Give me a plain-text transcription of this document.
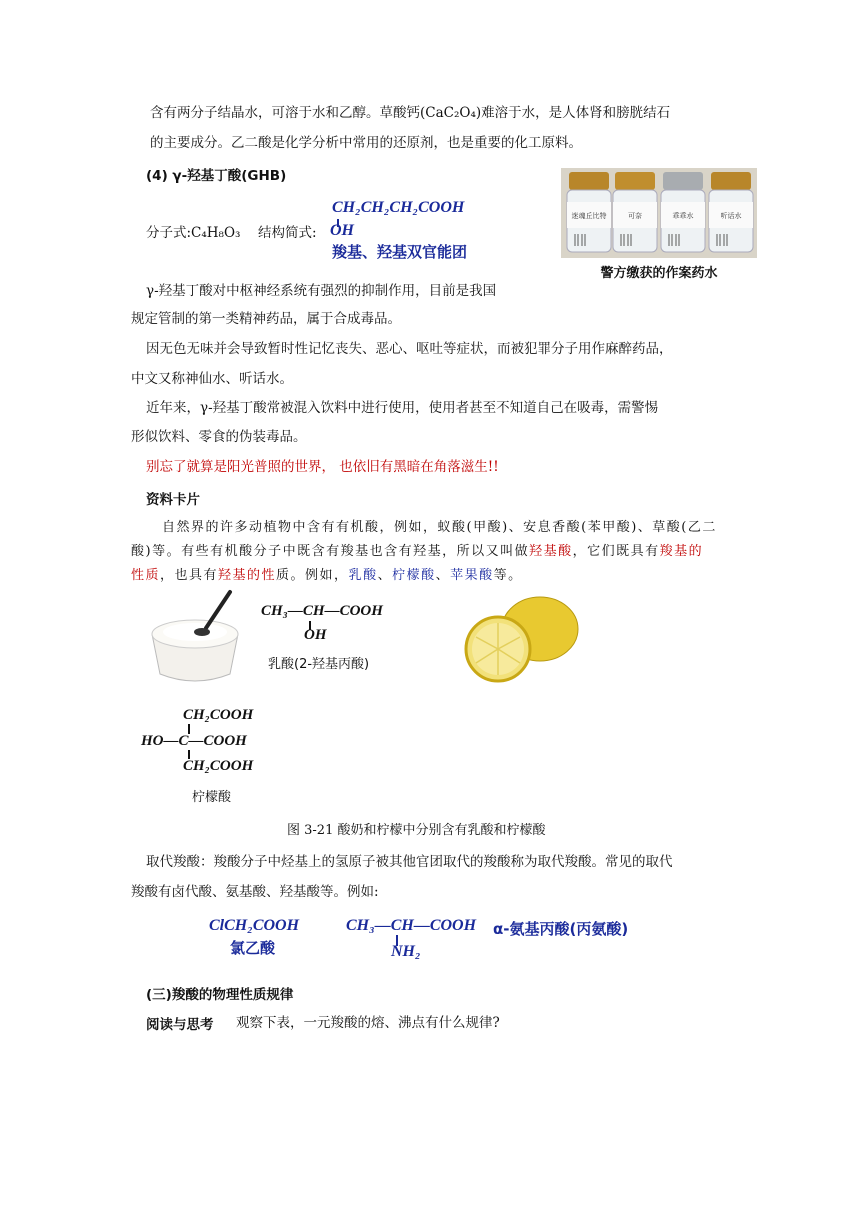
含有两分子结晶水，可溶于水和乙醇。草酸钙(CaC₂O₄)难溶于水，是人体肾和膀胱结石
的主要成分。乙二酸是化学分析中常用的还原剂，也是重要的化工原料。
(4) γ-羟基丁酸(GHB)
分子式:C₄H₈O₃ 结构简式:
CH₂CH₂CH₂COOH
OH
羧基、羟基双官能团
迷魂丘比特	可奈	乖乖水	听话水
警方缴获的作案药水
γ-羟基丁酸对中枢神经系统有强烈的抑制作用，目前是我国
规定管制的第一类精神药品，属于合成毒品。
因无色无味并会导致暂时性记忆丧失、恶心、呕吐等症状，而被犯罪分子用作麻醉药品，
中文又称神仙水、听话水。
近年来，γ-羟基丁酸常被混入饮料中进行使用，使用者甚至不知道自己在吸毒，需警惕
形似饮料、零食的伪装毒品。
别忘了就算是阳光普照的世界， 也依旧有黑暗在角落滋生!!
资料卡片
自然界的许多动植物中含有有机酸，例如，蚁酸(甲酸)、安息香酸(苯甲酸)、草酸(乙二
酸)等。有些有机酸分子中既含有羧基也含有羟基，所以又叫做羟基酸，它们既具有羧基的
性质，也具有羟基的性质。例如，乳酸、柠檬酸、苹果酸等。
CH₃—CH—COOH
OH
乳酸(2-羟基丙酸)
CH₂COOH
HO—C—COOH
CH₂COOH
柠檬酸
图 3-21 酸奶和柠檬中分别含有乳酸和柠檬酸
取代羧酸：羧酸分子中烃基上的氢原子被其他官团取代的羧酸称为取代羧酸。常见的取代
羧酸有卤代酸、氨基酸、羟基酸等。例如:
ClCH₂COOH
氯乙酸
CH₃—CH—COOH
NH₂
α-氨基丙酸(丙氨酸)
(三)羧酸的物理性质规律
阅读与思考 观察下表，一元羧酸的熔、沸点有什么规律?
